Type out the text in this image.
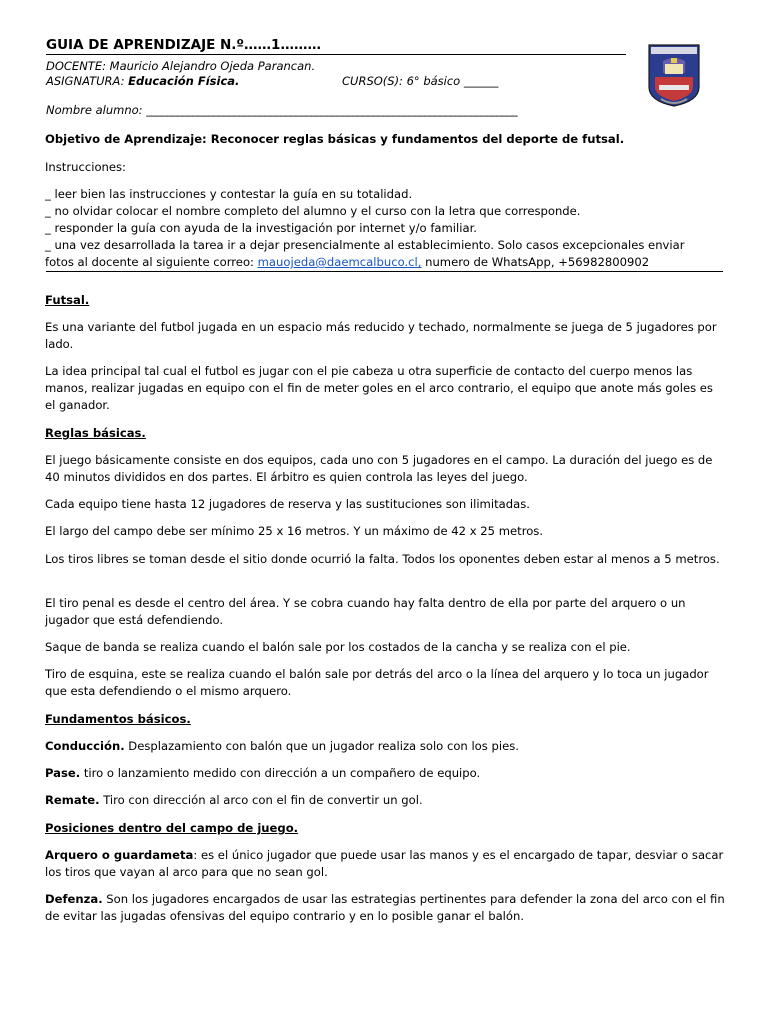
GUIA DE APRENDIZAJE N.º……1………
DOCENTE: Mauricio Alejandro Ojeda Parancan.
ASIGNATURA: Educación Física.	CURSO(S): 6° básico ______
Nombre alumno: ________________________________________________________________________
Objetivo de Aprendizaje: Reconocer reglas básicas y fundamentos del deporte de futsal.
Instrucciones:
_ leer bien las instrucciones y contestar la guía en su totalidad.
_ no olvidar colocar el nombre completo del alumno y el curso con la letra que corresponde.
_ responder la guía con ayuda de la investigación por internet y/o familiar.
_ una vez desarrollada la tarea ir a dejar presencialmente al establecimiento. Solo casos excepcionales enviar
fotos al docente al siguiente correo: mauojeda@daemcalbuco.cl, numero de WhatsApp, +56982800902
Futsal.
Es una variante del futbol jugada en un espacio más reducido y techado, normalmente se juega de 5 jugadores por lado.
La idea principal tal cual el futbol es jugar con el pie cabeza u otra superficie de contacto del cuerpo menos las manos, realizar jugadas en equipo con el fin de meter goles en el arco contrario, el equipo que anote más goles es el ganador.
Reglas básicas.
El juego básicamente consiste en dos equipos, cada uno con 5 jugadores en el campo. La duración del juego es de 40 minutos divididos en dos partes. El árbitro es quien controla las leyes del juego.
Cada equipo tiene hasta 12 jugadores de reserva y las sustituciones son ilimitadas.
El largo del campo debe ser mínimo 25 x 16 metros. Y un máximo de 42 x 25 metros.
Los tiros libres se toman desde el sitio donde ocurrió la falta. Todos los oponentes deben estar al menos a 5 metros.
El tiro penal es desde el centro del área. Y se cobra cuando hay falta dentro de ella por parte del arquero o un jugador que está defendiendo.
Saque de banda se realiza cuando el balón sale por los costados de la cancha y se realiza con el pie.
Tiro de esquina, este se realiza cuando el balón sale por detrás del arco o la línea del arquero y lo toca un jugador que esta defendiendo o el mismo arquero.
Fundamentos básicos.
Conducción. Desplazamiento con balón que un jugador realiza solo con los pies.
Pase. tiro o lanzamiento medido con dirección a un compañero de equipo.
Remate. Tiro con dirección al arco con el fin de convertir un gol.
Posiciones dentro del campo de juego.
Arquero o guardameta: es el único jugador que puede usar las manos y es el encargado de tapar, desviar o sacar los tiros que vayan al arco para que no sean gol.
Defenza. Son los jugadores encargados de usar las estrategias pertinentes para defender la zona del arco con el fin de evitar las jugadas ofensivas del equipo contrario y en lo posible ganar el balón.
